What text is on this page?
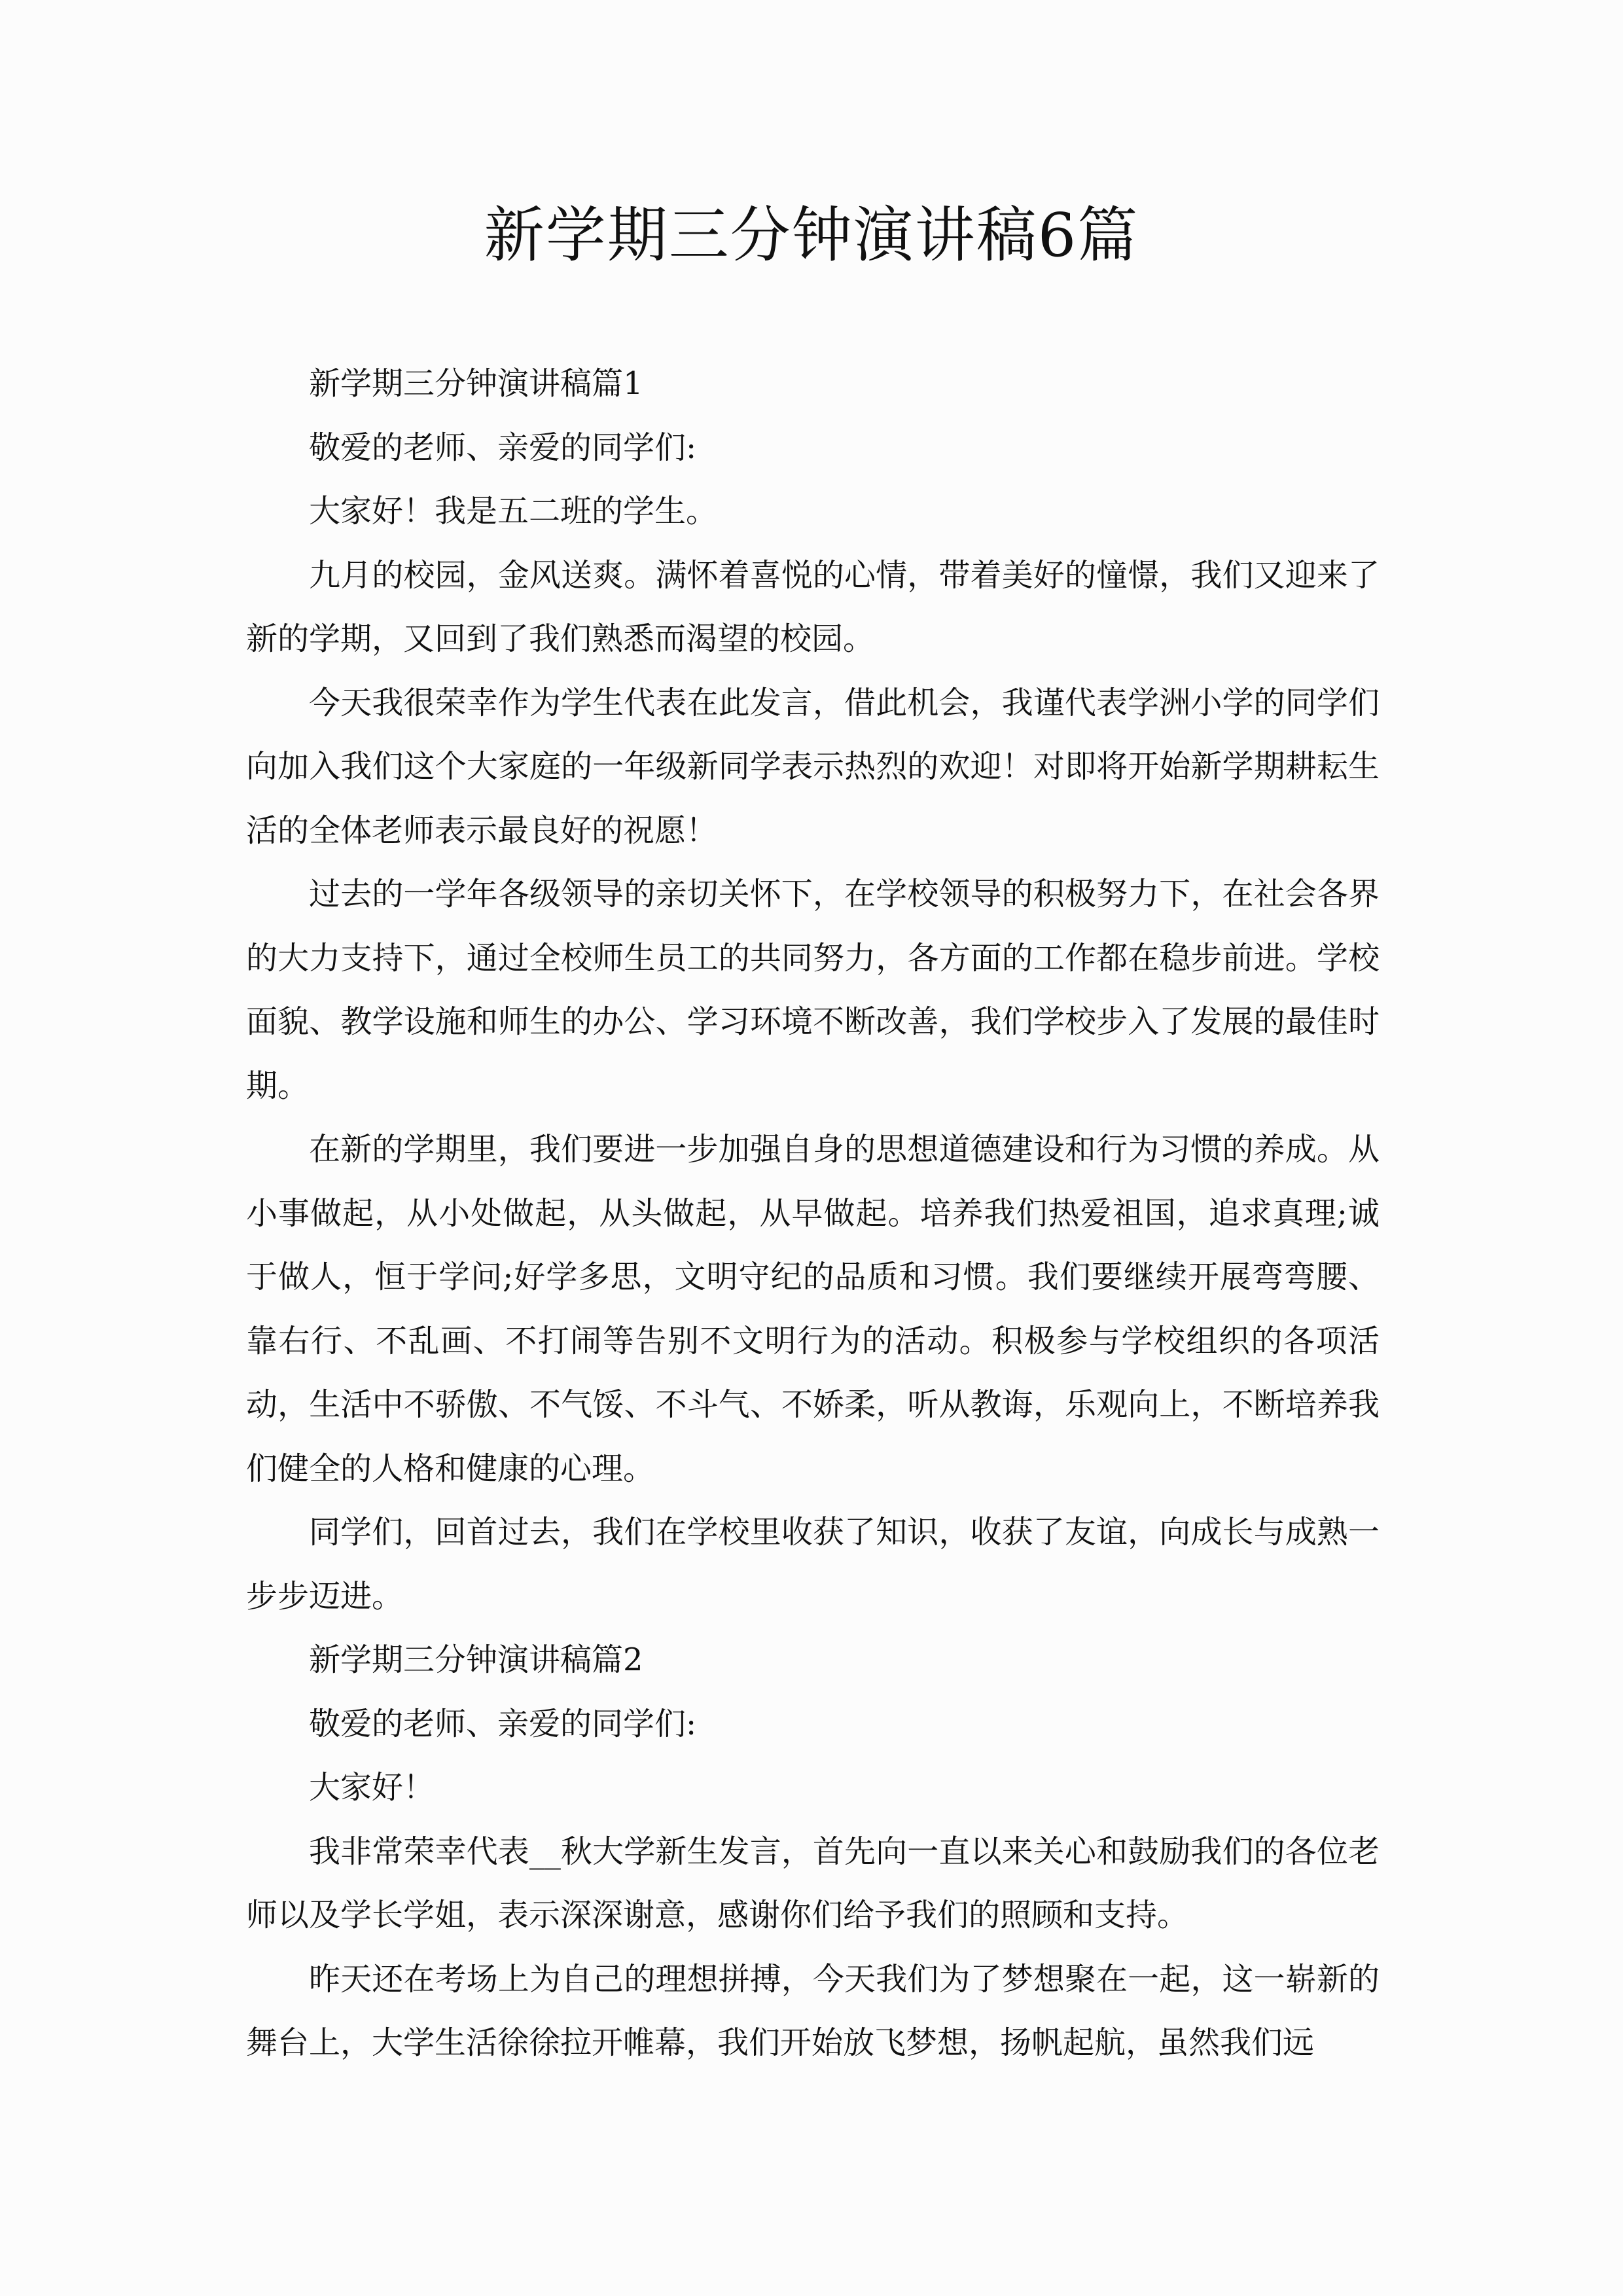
新学期三分钟演讲稿6篇

新学期三分钟演讲稿篇1

敬爱的老师、亲爱的同学们:

大家好！我是五二班的学生。

九月的校园，金风送爽。满怀着喜悦的心情，带着美好的憧憬，我们又迎来了新的学期，又回到了我们熟悉而渴望的校园。

今天我很荣幸作为学生代表在此发言，借此机会，我谨代表学洲小学的同学们向加入我们这个大家庭的一年级新同学表示热烈的欢迎！对即将开始新学期耕耘生活的全体老师表示最良好的祝愿！

过去的一学年各级领导的亲切关怀下，在学校领导的积极努力下，在社会各界的大力支持下，通过全校师生员工的共同努力，各方面的工作都在稳步前进。学校面貌、教学设施和师生的办公、学习环境不断改善，我们学校步入了发展的最佳时期。

在新的学期里，我们要进一步加强自身的思想道德建设和行为习惯的养成。从小事做起，从小处做起，从头做起，从早做起。培养我们热爱祖国，追求真理;诚于做人，恒于学问;好学多思，文明守纪的品质和习惯。我们要继续开展弯弯腰、靠右行、不乱画、不打闹等告别不文明行为的活动。积极参与学校组织的各项活动，生活中不骄傲、不气馁、不斗气、不娇柔，听从教诲，乐观向上，不断培养我们健全的人格和健康的心理。

同学们，回首过去，我们在学校里收获了知识，收获了友谊，向成长与成熟一步步迈进。

新学期三分钟演讲稿篇2

敬爱的老师、亲爱的同学们:

大家好！

我非常荣幸代表__秋大学新生发言，首先向一直以来关心和鼓励我们的各位老师以及学长学姐，表示深深谢意，感谢你们给予我们的照顾和支持。

昨天还在考场上为自己的理想拼搏，今天我们为了梦想聚在一起，这一崭新的舞台上，大学生活徐徐拉开帷幕，我们开始放飞梦想，扬帆起航，虽然我们远
